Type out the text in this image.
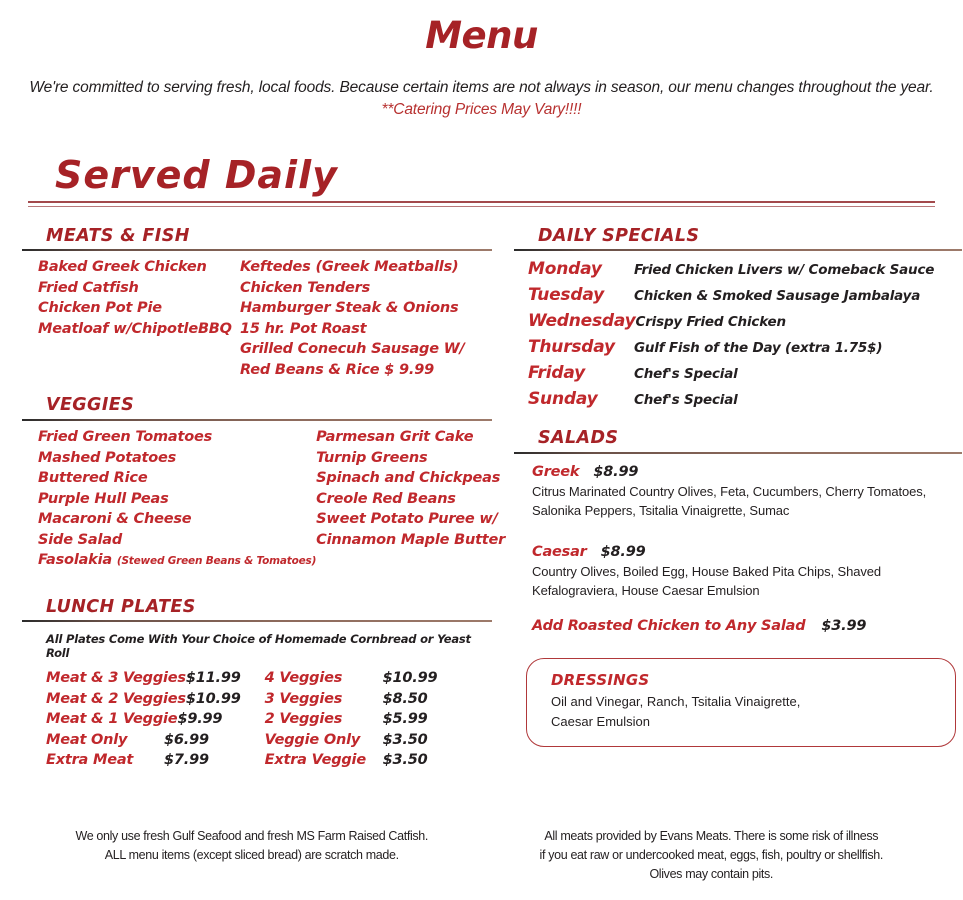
Menu
We're committed to serving fresh, local foods. Because certain items are not always in season, our menu changes throughout the year. **Catering Prices May Vary!!!!
Served Daily
MEATS & FISH
Baked Greek Chicken
Fried Catfish
Chicken Pot Pie
Meatloaf w/ChipotleBBQ
Keftedes (Greek Meatballs)
Chicken Tenders
Hamburger Steak & Onions
15 hr. Pot Roast
Grilled Conecuh Sausage W/
Red Beans & Rice $ 9.99
VEGGIES
Fried Green Tomatoes
Mashed Potatoes
Buttered Rice
Purple Hull Peas
Macaroni & Cheese
Side Salad
Fasolakia (Stewed Green Beans & Tomatoes)
Parmesan Grit Cake
Turnip Greens
Spinach and Chickpeas
Creole Red Beans
Sweet Potato Puree w/
Cinnamon Maple Butter
LUNCH PLATES
All Plates Come With Your Choice of Homemade Cornbread or Yeast Roll
Meat & 3 Veggies $11.99
Meat & 2 Veggies $10.99
Meat & 1 Veggie $9.99
Meat Only	$6.99
Extra Meat	$7.99
4 Veggies	$10.99
3 Veggies	$8.50
2 Veggies	$5.99
Veggie Only	$3.50
Extra Veggie	$3.50
DAILY SPECIALS
Monday	Fried Chicken Livers w/ Comeback Sauce
Tuesday	Chicken & Smoked Sausage Jambalaya
Wednesday Crispy Fried Chicken
Thursday	Gulf Fish of the Day (extra 1.75$)
Friday	Chef's Special
Sunday	Chef's Special
SALADS
Greek $8.99
Citrus Marinated Country Olives, Feta, Cucumbers, Cherry Tomatoes,
Salonika Peppers, Tsitalia Vinaigrette, Sumac
Caesar $8.99
Country Olives, Boiled Egg, House Baked Pita Chips, Shaved
Kefalograviera, House Caesar Emulsion
Add Roasted Chicken to Any Salad $3.99
DRESSINGS
Oil and Vinegar, Ranch, Tsitalia Vinaigrette,
Caesar Emulsion

We only use fresh Gulf Seafood and fresh MS Farm Raised Catfish.

ALL menu items (except sliced bread) are scratch made.

All meats provided by Evans Meats. There is some risk of illness

if you eat raw or undercooked meat, eggs, fish, poultry or shellfish.

Olives may contain pits.
